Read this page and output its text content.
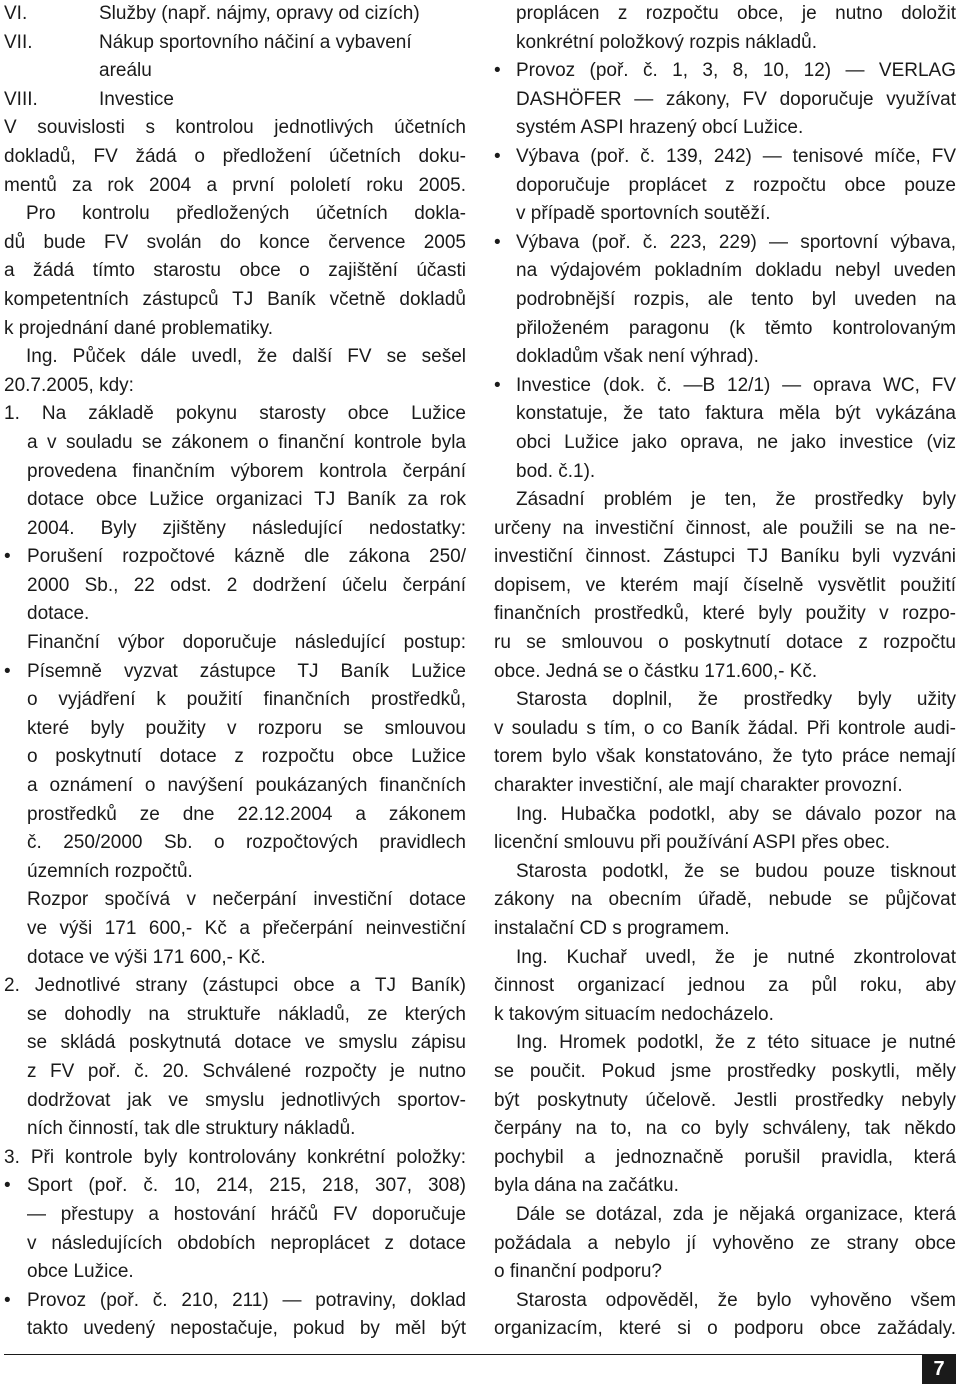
VI.	Služby (např. nájmy, opravy od cizích)
VII.	Nákup sportovního náčiní a vybavení
areálu
VIII.	Investice
V souvislosti s kontrolou jednotlivých účetních
dokladů, FV žádá o předložení účetních doku-
mentů za rok 2004 a první pololetí roku 2005.
Pro kontrolu předložených účetních dokla-
dů bude FV svolán do konce července 2005
a žádá tímto starostu obce o zajištění účasti
kompetentních zástupců TJ Baník včetně dokladů
k projednání dané problematiky.
Ing. Půček dále uvedl, že další FV se sešel
20.7.2005, kdy:
1. Na základě pokynu starosty obce Lužice
a v souladu se zákonem o finanční kontrole byla
provedena finančním výborem kontrola čerpání
dotace obce Lužice organizaci TJ Baník za rok
2004. Byly zjištěny následující nedostatky:
• Porušení rozpočtové kázně dle zákona 250/
2000 Sb., 22 odst. 2 dodržení účelu čerpání
dotace.
Finanční výbor doporučuje následující postup:
• Písemně vyzvat zástupce TJ Baník Lužice
o vyjádření k použití finančních prostředků,
které byly použity v rozporu se smlouvou
o poskytnutí dotace z rozpočtu obce Lužice
a oznámení o navýšení poukázaných finančních
prostředků ze dne 22.12.2004 a zákonem
č. 250/2000 Sb. o rozpočtových pravidlech
územních rozpočtů.
Rozpor spočívá v nečerpání investiční dotace
ve výši 171 600,- Kč a přečerpání neinvestiční
dotace ve výši 171 600,- Kč.
2. Jednotlivé strany (zástupci obce a TJ Baník)
se dohodly na struktuře nákladů, ze kterých
se skládá poskytnutá dotace ve smyslu zápisu
z FV poř. č. 20. Schválené rozpočty je nutno
dodržovat jak ve smyslu jednotlivých sportov-
ních činností, tak dle struktury nákladů.
3. Při kontrole byly kontrolovány konkrétní položky:
• Sport (poř. č. 10, 214, 215, 218, 307, 308)
— přestupy a hostování hráčů FV doporučuje
v následujících obdobích neproplácet z dotace
obce Lužice.
• Provoz (poř. č. 210, 211) — potraviny, doklad
takto uvedený nepostačuje, pokud by měl být
proplácen z rozpočtu obce, je nutno doložit
konkrétní položkový rozpis nákladů.
• Provoz (poř. č. 1, 3, 8, 10, 12) — VERLAG
DASHÖFER — zákony, FV doporučuje využívat
systém ASPI hrazený obcí Lužice.
• Výbava (poř. č. 139, 242) — tenisové míče, FV
doporučuje proplácet z rozpočtu obce pouze
v případě sportovních soutěží.
• Výbava (poř. č. 223, 229) — sportovní výbava,
na výdajovém pokladním dokladu nebyl uveden
podrobnější rozpis, ale tento byl uveden na
přiloženém paragonu (k těmto kontrolovaným
dokladům však není výhrad).
• Investice (dok. č. —B 12/1) — oprava WC, FV
konstatuje, že tato faktura měla být vykázána
obci Lužice jako oprava, ne jako investice (viz
bod. č.1).
Zásadní problém je ten, že prostředky byly
určeny na investiční činnost, ale použili se na ne-
investiční činnost. Zástupci TJ Baníku byli vyzváni
dopisem, ve kterém mají číselně vysvětlit použití
finančních prostředků, které byly použity v rozpo-
ru se smlouvou o poskytnutí dotace z rozpočtu
obce. Jedná se o částku 171.600,- Kč.
Starosta doplnil, že prostředky byly užity
v souladu s tím, o co Baník žádal. Při kontrole audi-
torem bylo však konstatováno, že tyto práce nemají
charakter investiční, ale mají charakter provozní.
Ing. Hubačka podotkl, aby se dávalo pozor na
licenční smlouvu při používání ASPI přes obec.
Starosta podotkl, že se budou pouze tisknout
zákony na obecním úřadě, nebude se půjčovat
instalační CD s programem.
Ing. Kuchař uvedl, že je nutné zkontrolovat
činnost organizací jednou za půl roku, aby
k takovým situacím nedocházelo.
Ing. Hromek podotkl, že z této situace je nutné
se poučit. Pokud jsme prostředky poskytli, měly
být poskytnuty účelově. Jestli prostředky nebyly
čerpány na to, na co byly schváleny, tak někdo
pochybil a jednoznačně porušil pravidla, která
byla dána na začátku.
Dále se dotázal, zda je nějaká organizace, která
požádala a nebylo jí vyhověno ze strany obce
o finanční podporu?
Starosta odpověděl, že bylo vyhověno všem
organizacím, které si o podporu obce zažádaly.
7
